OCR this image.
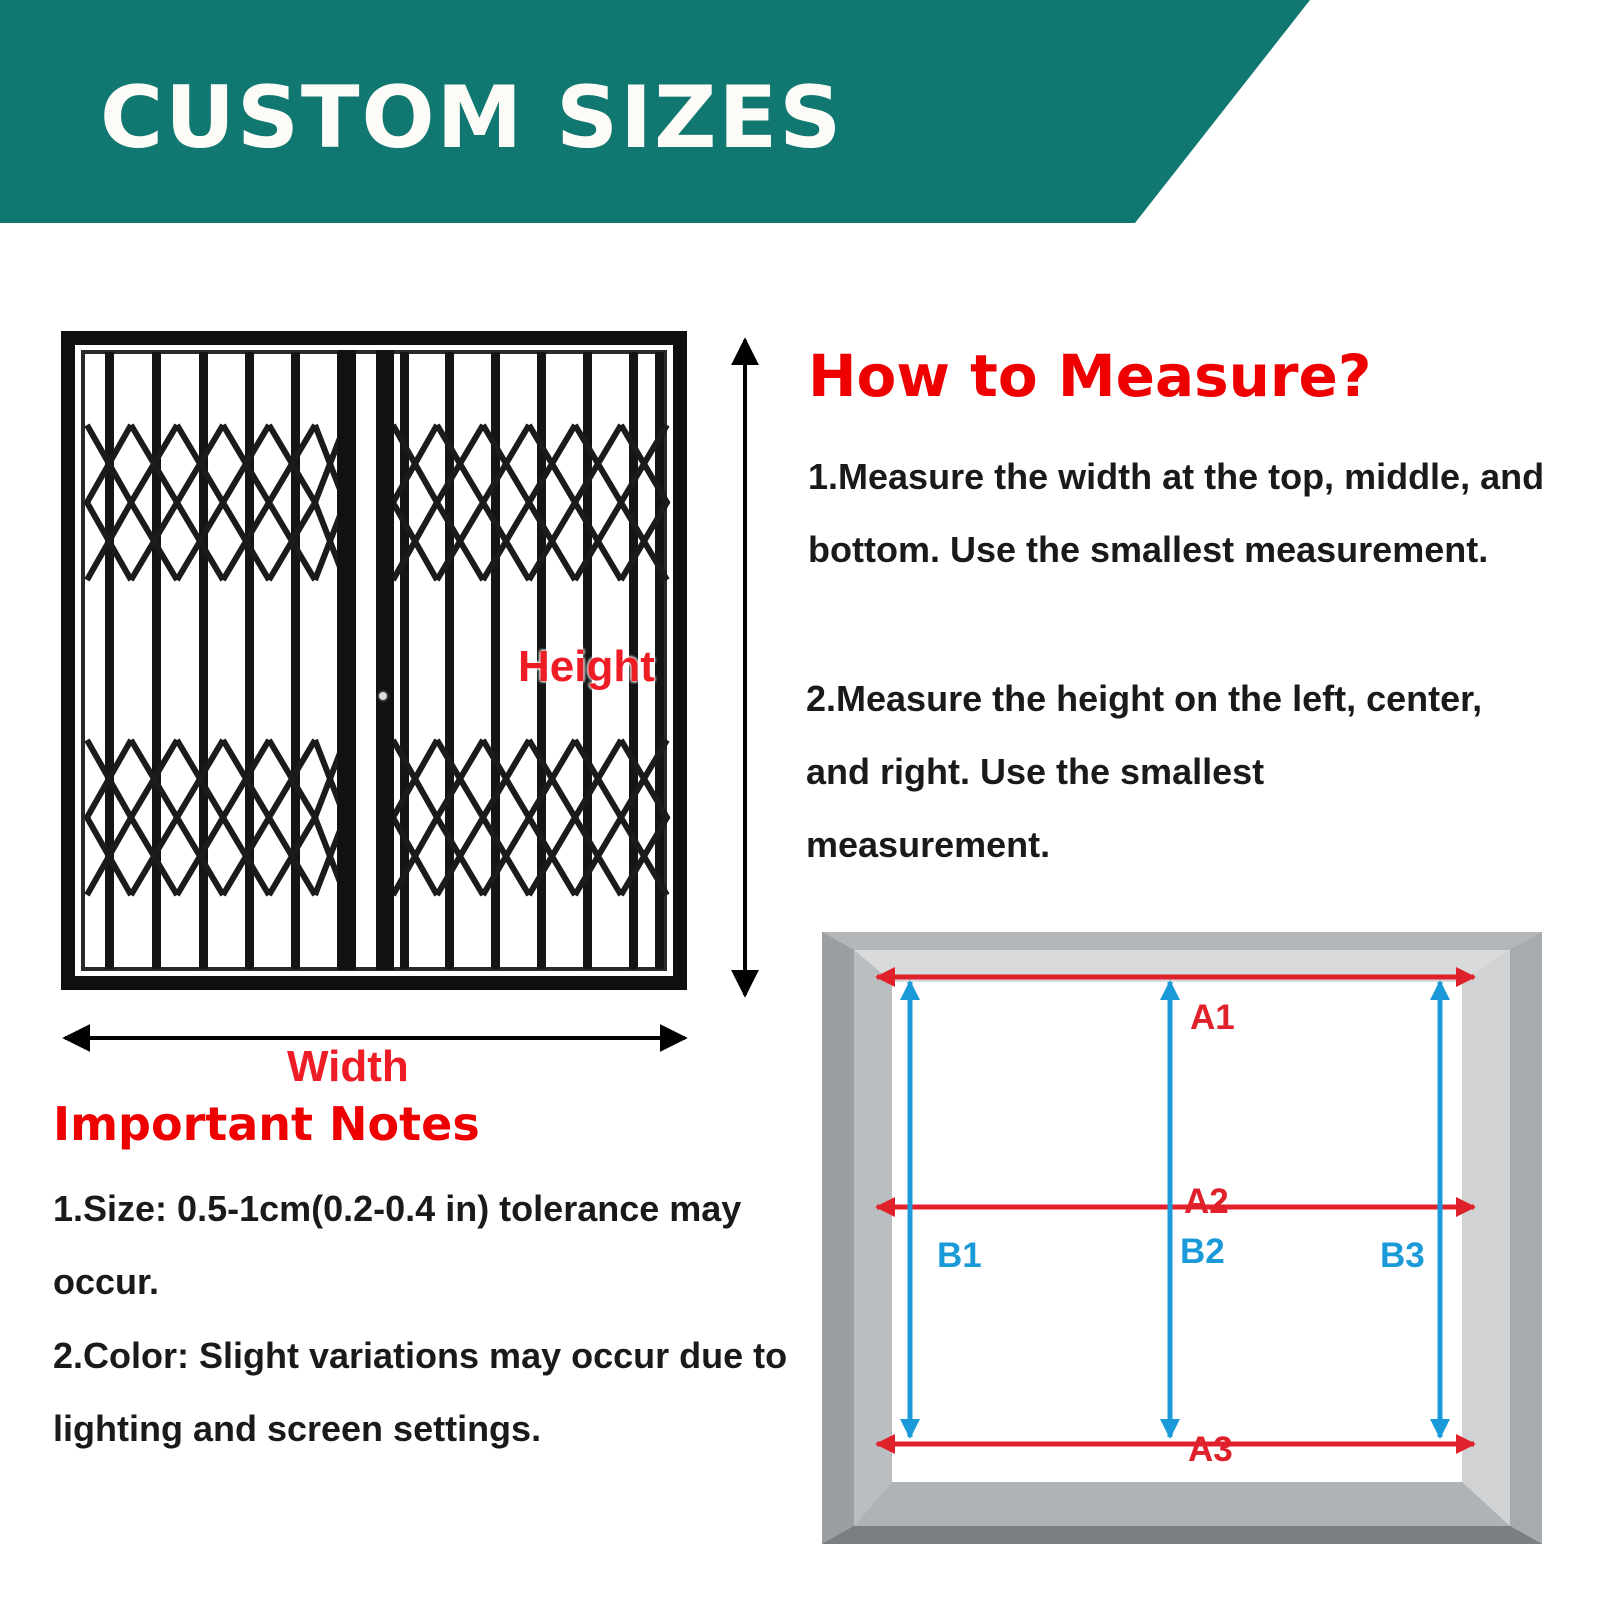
CUSTOM SIZES

Height

Width

How to Measure?

1.Measure the width at the top, middle, and bottom. Use the smallest measurement.

2.Measure the height on the left, center, and right. Use the smallest measurement.

Important Notes

1.Size: 0.5-1cm(0.2-0.4 in) tolerance may occur.

2.Color: Slight variations may occur due to lighting and screen settings.

A1

A2

A3

B1	B2	B3
